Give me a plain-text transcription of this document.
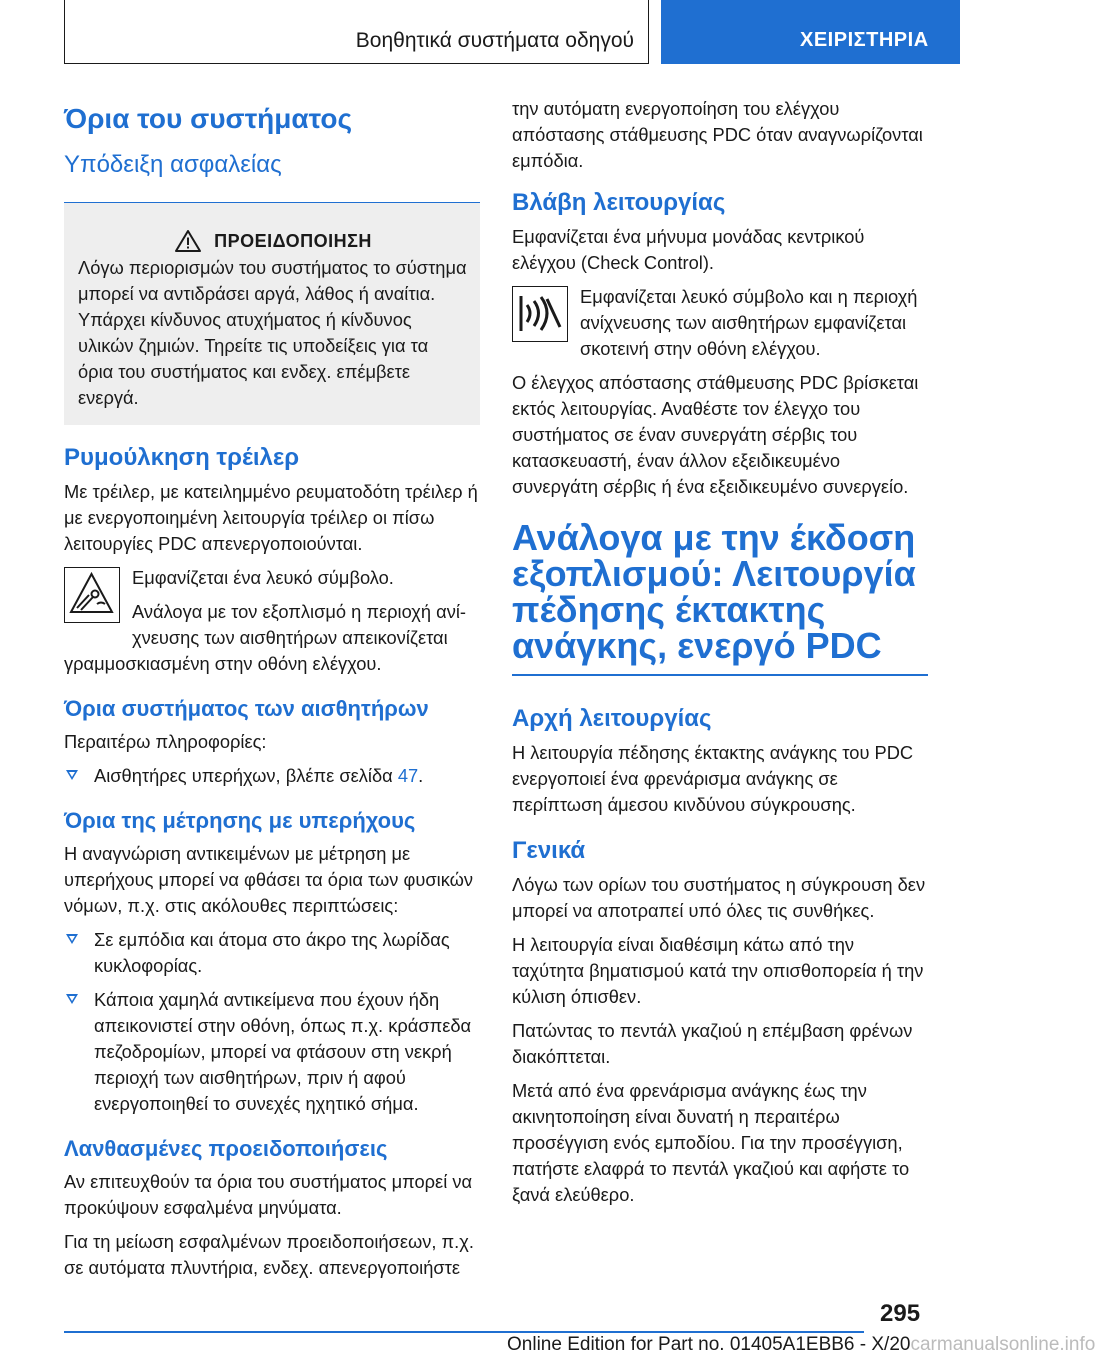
Βοηθητικά συστήματα οδηγού	ΧΕΙΡΙΣΤΗΡΙΑ
Όρια του συστήματος
Υπόδειξη ασφαλείας
ΠΡΟΕΙΔΟΠΟΙΗΣΗ

Λόγω περιορισμών του συστήματος το σύστημα μπορεί να αντιδράσει αργά, λάθος ή αναίτια. Υπάρχει κίνδυνος ατυχήματος ή κίνδυνος υλικών ζημιών. Τηρείτε τις υποδείξεις για τα όρια του συστήματος και ενδεχ. επέμβετε ενεργά.

Ρυμούλκηση τρέιλερ

Με τρέιλερ, με κατειλημμένο ρευματοδότη τρέιλερ ή με ενεργοποιημένη λειτουργία τρέιλερ οι πίσω λειτουργίες PDC απενεργοποιούνται.

Εμφανίζεται ένα λευκό σύμβολο.

Ανάλογα με τον εξοπλισμό η περιοχή ανί-
χνευσης των αισθητήρων απεικονίζεται

γραμμοσκιασμένη στην οθόνη ελέγχου.

Όρια συστήματος των αισθητήρων

Περαιτέρω πληροφορίες:

Αισθητήρες υπερήχων, βλέπε σελίδα 47.
Όρια της μέτρησης με υπερήχους

Η αναγνώριση αντικειμένων με μέτρηση με υπερήχους μπορεί να φθάσει τα όρια των φυσικών νόμων, π.χ. στις ακόλουθες περιπτώσεις:

Σε εμπόδια και άτομα στο άκρο της λωρίδας κυκλοφορίας.
Κάποια χαμηλά αντικείμενα που έχουν ήδη απεικονιστεί στην οθόνη, όπως π.χ. κράσπεδα πεζοδρομίων, μπορεί να φτάσουν στη νεκρή περιοχή των αισθητήρων, πριν ή αφού ενεργοποιηθεί το συνεχές ηχητικό σήμα.
Λανθασμένες προειδοποιήσεις

Αν επιτευχθούν τα όρια του συστήματος μπορεί να προκύψουν εσφαλμένα μηνύματα.

Για τη μείωση εσφαλμένων προειδοποιήσεων, π.χ. σε αυτόματα πλυντήρια, ενδεχ. απενεργοποιήστε

την αυτόματη ενεργοποίηση του ελέγχου απόστασης στάθμευσης PDC όταν αναγνωρίζονται εμπόδια.

Βλάβη λειτουργίας

Εμφανίζεται ένα μήνυμα μονάδας κεντρικού ελέγχου (Check Control).

Εμφανίζεται λευκό σύμβολο και η περιοχή ανίχνευσης των αισθητήρων εμφανίζεται σκοτεινή στην οθόνη ελέγχου.

Ο έλεγχος απόστασης στάθμευσης PDC βρίσκεται εκτός λειτουργίας. Αναθέστε τον έλεγχο του συστήματος σε έναν συνεργάτη σέρβις του κατασκευαστή, έναν άλλον εξειδικευμένο συνεργάτη σέρβις ή ένα εξειδικευμένο συνεργείο.

Ανάλογα με την έκδοση εξοπλισμού: Λειτουργία πέδησης έκτακτης ανάγκης, ενεργό PDC
Αρχή λειτουργίας

Η λειτουργία πέδησης έκτακτης ανάγκης του PDC ενεργοποιεί ένα φρενάρισμα ανάγκης σε περίπτωση άμεσου κινδύνου σύγκρουσης.

Γενικά

Λόγω των ορίων του συστήματος η σύγκρουση δεν μπορεί να αποτραπεί υπό όλες τις συνθήκες.

Η λειτουργία είναι διαθέσιμη κάτω από την ταχύτητα βηματισμού κατά την οπισθοπορεία ή την κύλιση όπισθεν.

Πατώντας το πεντάλ γκαζιού η επέμβαση φρένων διακόπτεται.

Μετά από ένα φρενάρισμα ανάγκης έως την ακινητοποίηση είναι δυνατή η περαιτέρω προσέγγιση ενός εμποδίου. Για την προσέγγιση, πατήστε ελαφρά το πεντάλ γκαζιού και αφήστε το ξανά ελεύθερο.

295
Online Edition for Part no. 01405A1EBB6 - X/20carmanualsonline.info
